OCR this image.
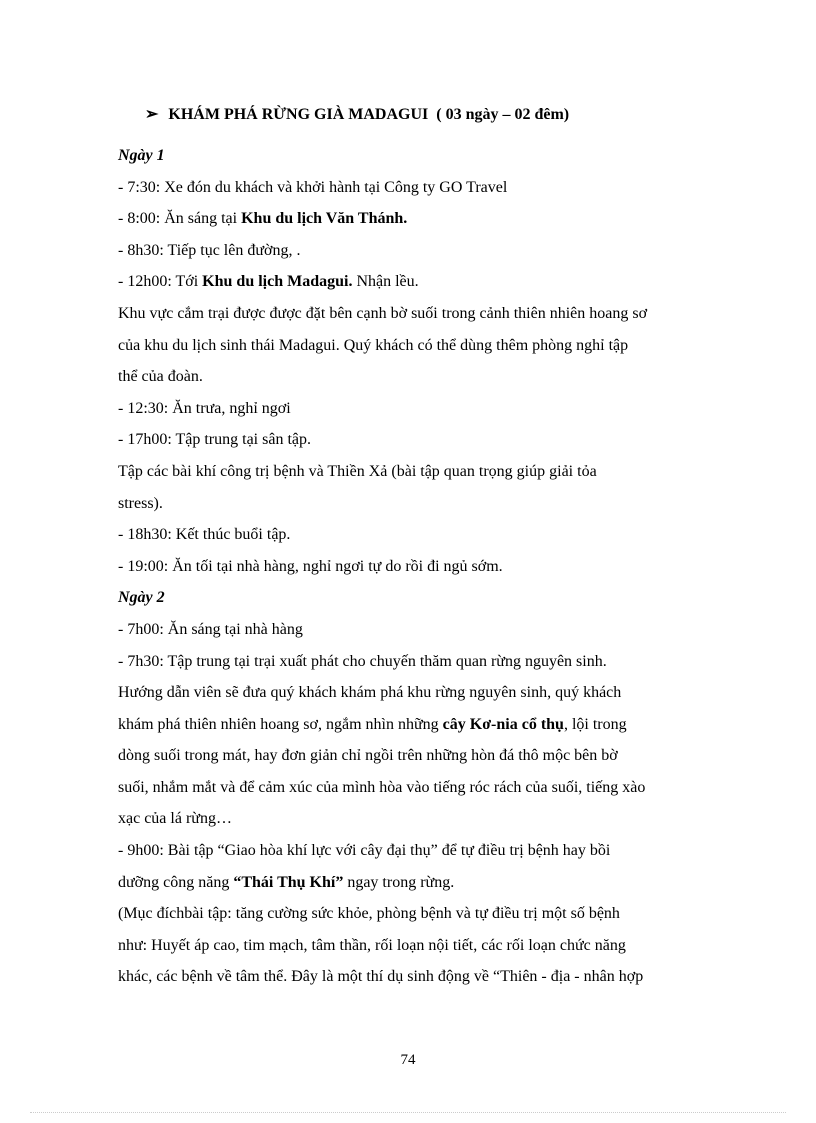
➢ KHÁM PHÁ RỪNG GIÀ MADAGUI ( 03 ngày – 02 đêm)
Ngày 1
- 7:30: Xe đón du khách và khởi hành tại Công ty GO Travel
- 8:00: Ăn sáng tại Khu du lịch Văn Thánh.
- 8h30: Tiếp tục lên đường, .
- 12h00: Tới Khu du lịch Madagui. Nhận lều.
Khu vực cắm trại được được đặt bên cạnh bờ suối trong cảnh thiên nhiên hoang sơ
của khu du lịch sinh thái Madagui. Quý khách có thể dùng thêm phòng nghỉ tập
thể của đoàn.
- 12:30: Ăn trưa, nghỉ ngơi
- 17h00: Tập trung tại sân tập.
Tập các bài khí công trị bệnh và Thiền Xả (bài tập quan trọng giúp giải tỏa
stress).
- 18h30: Kết thúc buổi tập.
- 19:00: Ăn tối tại nhà hàng, nghỉ ngơi tự do rồi đi ngủ sớm.
Ngày 2
- 7h00: Ăn sáng tại nhà hàng
- 7h30: Tập trung tại trại xuất phát cho chuyến thăm quan rừng nguyên sinh.
Hướng dẫn viên sẽ đưa quý khách khám phá khu rừng nguyên sinh, quý khách
khám phá thiên nhiên hoang sơ, ngắm nhìn những cây Kơ-nia cổ thụ, lội trong
dòng suối trong mát, hay đơn giản chỉ ngồi trên những hòn đá thô mộc bên bờ
suối, nhắm mắt và để cảm xúc của mình hòa vào tiếng róc rách của suối, tiếng xào
xạc của lá rừng…
- 9h00: Bài tập “Giao hòa khí lực với cây đại thụ” để tự điều trị bệnh hay bồi
dưỡng công năng “Thái Thụ Khí” ngay trong rừng.
(Mục đíchbài tập: tăng cường sức khỏe, phòng bệnh và tự điều trị một số bệnh
như: Huyết áp cao, tim mạch, tâm thần, rối loạn nội tiết, các rối loạn chức năng
khác, các bệnh về tâm thể. Đây là một thí dụ sinh động về “Thiên - địa - nhân hợp
74
